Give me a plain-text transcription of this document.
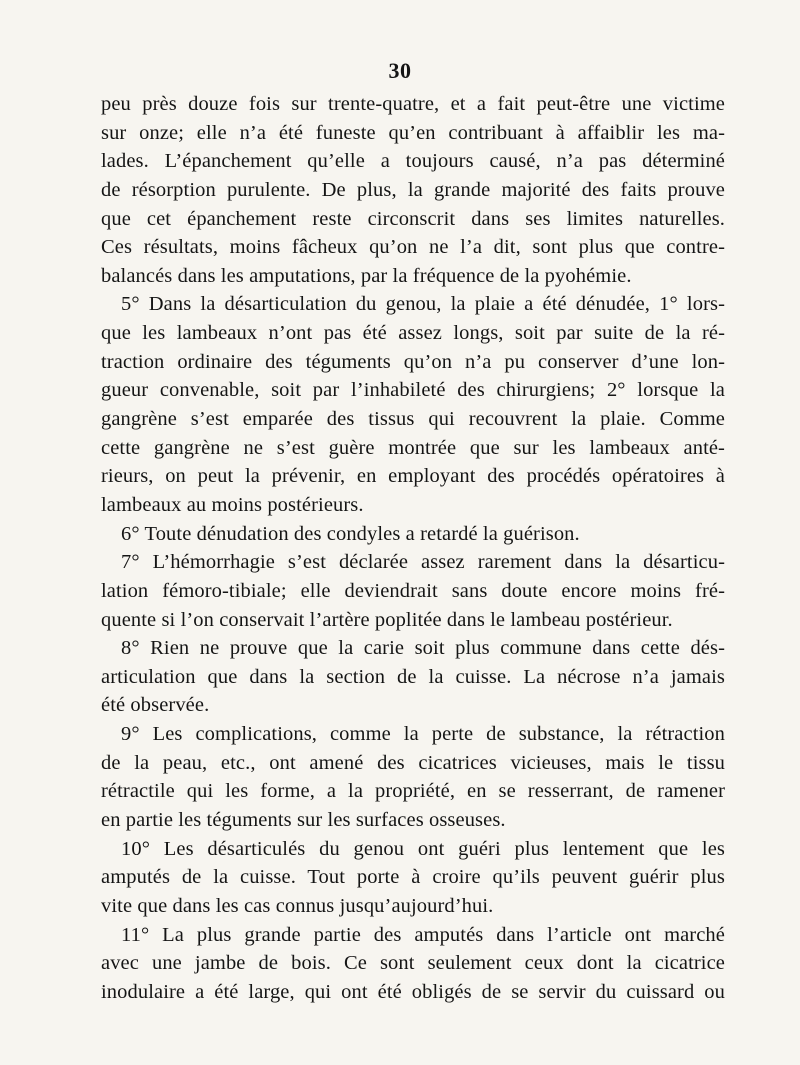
30
peu près douze fois sur trente-quatre, et a fait peut-être une victime
sur onze; elle n’a été funeste qu’en contribuant à affaiblir les ma-
lades. L’épanchement qu’elle a toujours causé, n’a pas déterminé
de résorption purulente. De plus, la grande majorité des faits prouve
que cet épanchement reste circonscrit dans ses limites naturelles.
Ces résultats, moins fâcheux qu’on ne l’a dit, sont plus que contre-
balancés dans les amputations, par la fréquence de la pyohémie.
5° Dans la désarticulation du genou, la plaie a été dénudée, 1° lors-
que les lambeaux n’ont pas été assez longs, soit par suite de la ré-
traction ordinaire des téguments qu’on n’a pu conserver d’une lon-
gueur convenable, soit par l’inhabileté des chirurgiens; 2° lorsque la
gangrène s’est emparée des tissus qui recouvrent la plaie. Comme
cette gangrène ne s’est guère montrée que sur les lambeaux anté-
rieurs, on peut la prévenir, en employant des procédés opératoires à
lambeaux au moins postérieurs.
6° Toute dénudation des condyles a retardé la guérison.
7° L’hémorrhagie s’est déclarée assez rarement dans la désarticu-
lation fémoro-tibiale; elle deviendrait sans doute encore moins fré-
quente si l’on conservait l’artère poplitée dans le lambeau postérieur.
8° Rien ne prouve que la carie soit plus commune dans cette dés-
articulation que dans la section de la cuisse. La nécrose n’a jamais
été observée.
9° Les complications, comme la perte de substance, la rétraction
de la peau, etc., ont amené des cicatrices vicieuses, mais le tissu
rétractile qui les forme, a la propriété, en se resserrant, de ramener
en partie les téguments sur les surfaces osseuses.
10° Les désarticulés du genou ont guéri plus lentement que les
amputés de la cuisse. Tout porte à croire qu’ils peuvent guérir plus
vite que dans les cas connus jusqu’aujourd’hui.
11° La plus grande partie des amputés dans l’article ont marché
avec une jambe de bois. Ce sont seulement ceux dont la cicatrice
inodulaire a été large, qui ont été obligés de se servir du cuissard ou
